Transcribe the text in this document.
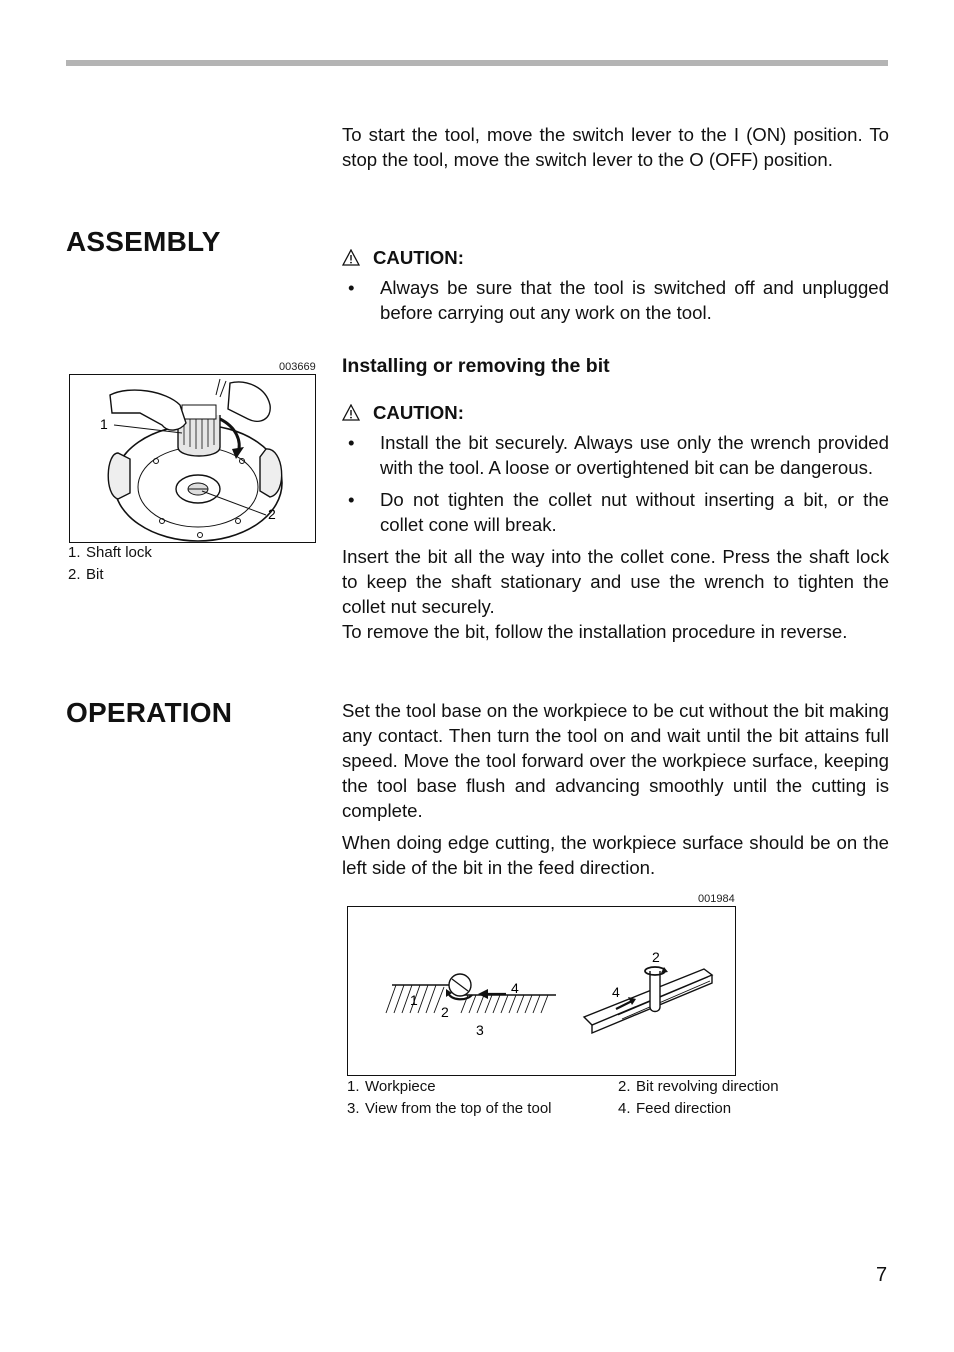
To start the tool, move the switch lever to the I (ON) position. To stop the tool, move the switch lever to the O (OFF) position.

ASSEMBLY
CAUTION:
• Always be sure that the tool is switched off and unplugged before carrying out any work on the tool.
003669
1
2
1. Shaft lock
2. Bit
Installing or removing the bit
CAUTION:
• Install the bit securely. Always use only the wrench provided with the tool. A loose or overtightened bit can be dangerous.
• Do not tighten the collet nut without inserting a bit, or the collet cone will break.

Insert the bit all the way into the collet cone. Press the shaft lock to keep the shaft stationary and use the wrench to tighten the collet nut securely.

To remove the bit, follow the installation procedure in reverse.

OPERATION	Set the tool base on the workpiece to be cut without the bit making any contact. Then turn the tool on and wait until the bit attains full speed. Move the tool forward over the workpiece surface, keeping the tool base flush and advancing smoothly until the cutting is complete.

When doing edge cutting, the workpiece surface should be on the left side of the bit in the feed direction.

001984
1
2
4
3
2
4
1. Workpiece
3. View from the top of the tool
2. Bit revolving direction
4. Feed direction
7
